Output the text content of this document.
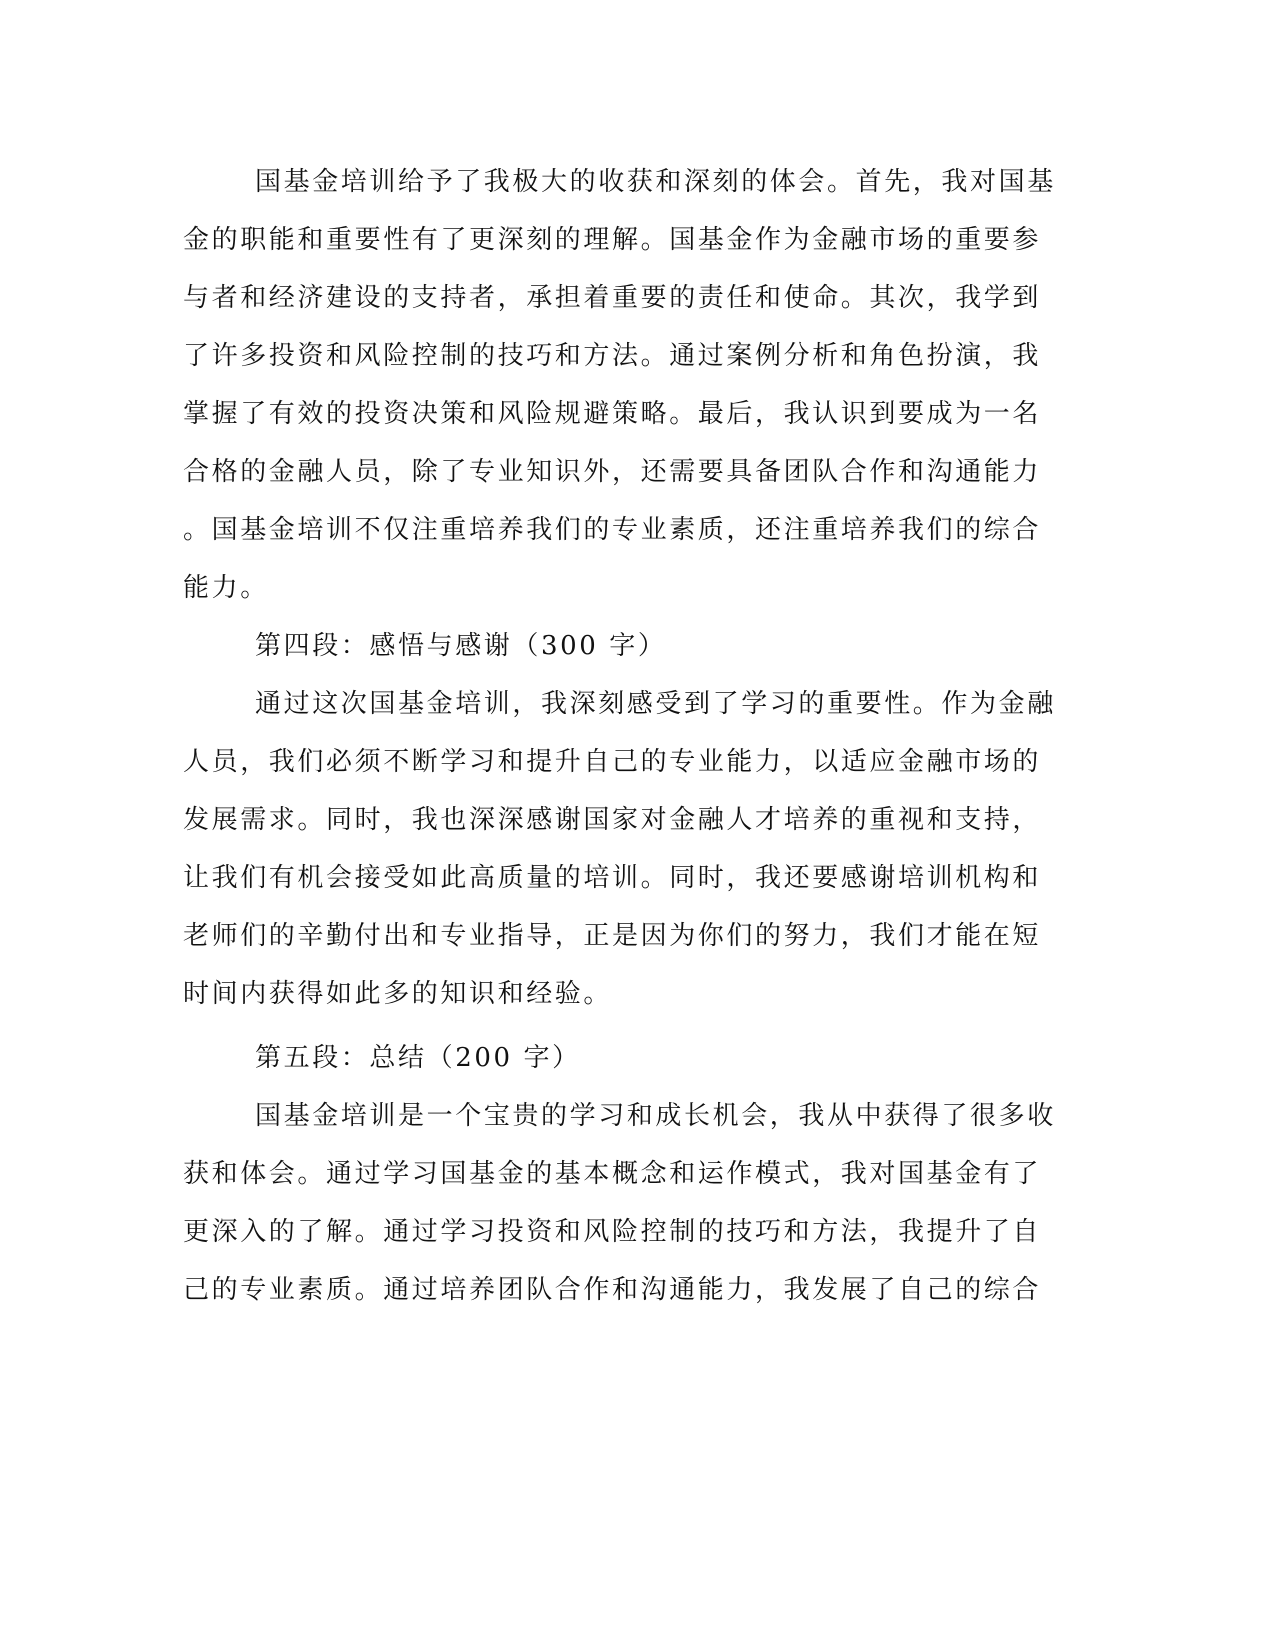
国基金培训给予了我极大的收获和深刻的体会。首先，我对国基
金的职能和重要性有了更深刻的理解。国基金作为金融市场的重要参
与者和经济建设的支持者，承担着重要的责任和使命。其次，我学到
了许多投资和风险控制的技巧和方法。通过案例分析和角色扮演，我
掌握了有效的投资决策和风险规避策略。最后，我认识到要成为一名
合格的金融人员，除了专业知识外，还需要具备团队合作和沟通能力
。国基金培训不仅注重培养我们的专业素质，还注重培养我们的综合
能力。
第四段：感悟与感谢（300 字）
通过这次国基金培训，我深刻感受到了学习的重要性。作为金融
人员，我们必须不断学习和提升自己的专业能力，以适应金融市场的
发展需求。同时，我也深深感谢国家对金融人才培养的重视和支持，
让我们有机会接受如此高质量的培训。同时，我还要感谢培训机构和
老师们的辛勤付出和专业指导，正是因为你们的努力，我们才能在短
时间内获得如此多的知识和经验。
第五段：总结（200 字）
国基金培训是一个宝贵的学习和成长机会，我从中获得了很多收
获和体会。通过学习国基金的基本概念和运作模式，我对国基金有了
更深入的了解。通过学习投资和风险控制的技巧和方法，我提升了自
己的专业素质。通过培养团队合作和沟通能力，我发展了自己的综合
